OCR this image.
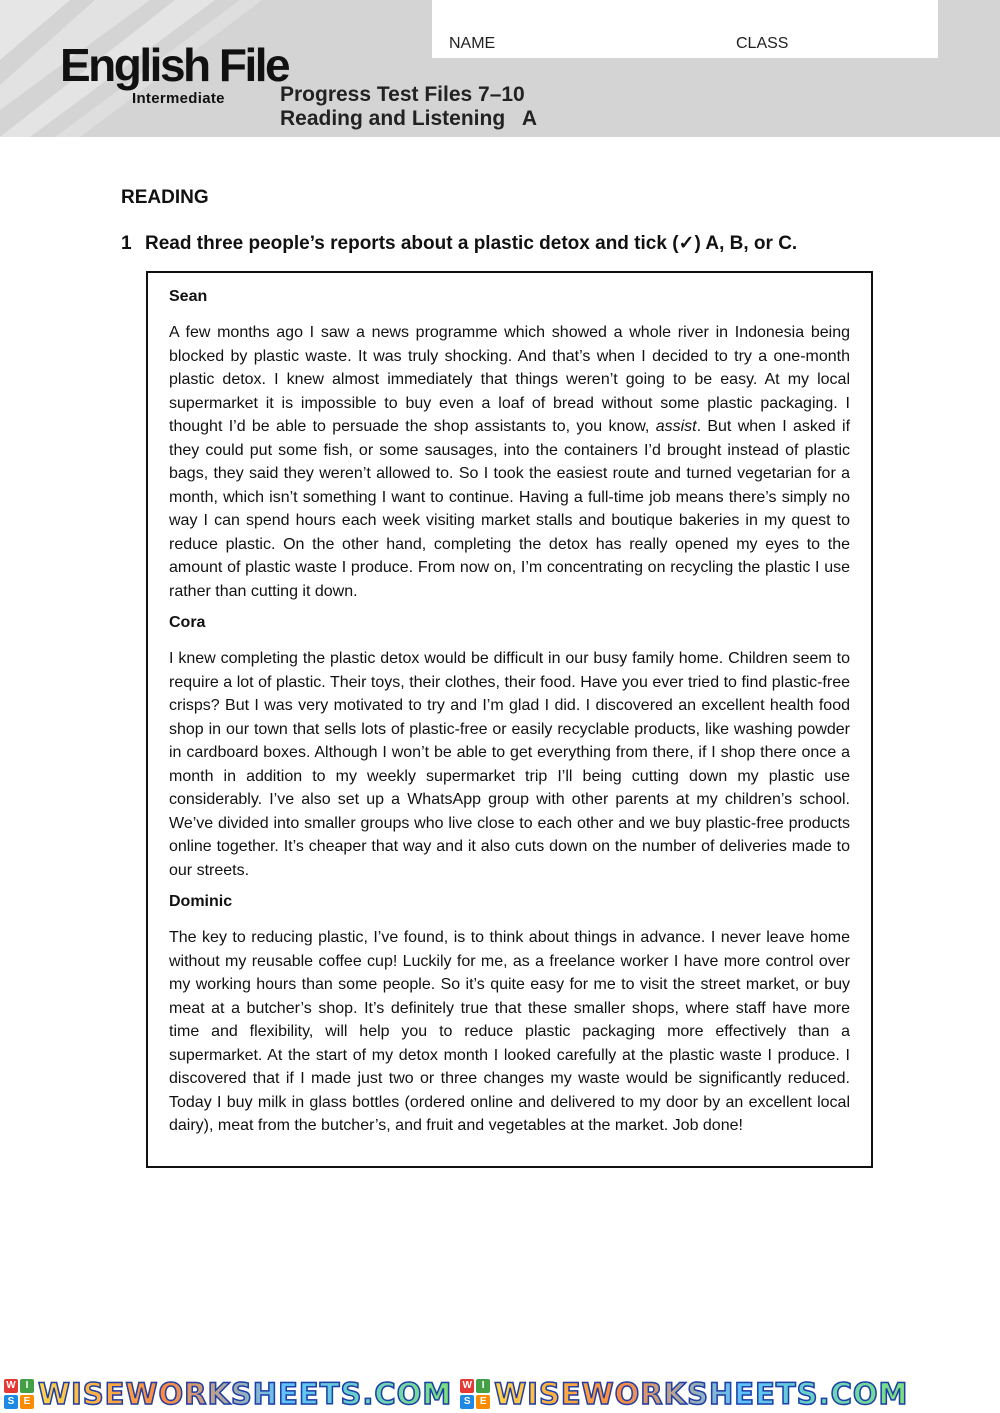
English File
Intermediate
NAME	CLASS
Progress Test Files 7–10
Reading and Listening   A
READING
1 Read three people’s reports about a plastic detox and tick (✓) A, B, or C.
Sean

A few months ago I saw a news programme which showed a whole river in Indonesia being blocked by plastic waste. It was truly shocking. And that’s when I decided to try a one-month plastic detox. I knew almost immediately that things weren’t going to be easy. At my local supermarket it is impossible to buy even a loaf of bread without some plastic packaging. I thought I’d be able to persuade the shop assistants to, you know, assist. But when I asked if they could put some fish, or some sausages, into the containers I’d brought instead of plastic bags, they said they weren’t allowed to. So I took the easiest route and turned vegetarian for a month, which isn’t something I want to continue. Having a full-time job means there’s simply no way I can spend hours each week visiting market stalls and boutique bakeries in my quest to reduce plastic. On the other hand, completing the detox has really opened my eyes to the amount of plastic waste I produce. From now on, I’m concentrating on recycling the plastic I use rather than cutting it down.

Cora

I knew completing the plastic detox would be difficult in our busy family home. Children seem to require a lot of plastic. Their toys, their clothes, their food. Have you ever tried to find plastic-free crisps? But I was very motivated to try and I’m glad I did. I discovered an excellent health food shop in our town that sells lots of plastic-free or easily recyclable products, like washing powder in cardboard boxes. Although I won’t be able to get everything from there, if I shop there once a month in addition to my weekly supermarket trip I’ll being cutting down my plastic use considerably. I’ve also set up a WhatsApp group with other parents at my children’s school. We’ve divided into smaller groups who live close to each other and we buy plastic-free products online together. It’s cheaper that way and it also cuts down on the number of deliveries made to our streets.

Dominic

The key to reducing plastic, I’ve found, is to think about things in advance. I never leave home without my reusable coffee cup! Luckily for me, as a freelance worker I have more control over my working hours than some people. So it’s quite easy for me to visit the street market, or buy meat at a butcher’s shop. It’s definitely true that these smaller shops, where staff have more time and flexibility, will help you to reduce plastic packaging more effectively than a supermarket. At the start of my detox month I looked carefully at the plastic waste I produce. I discovered that if I made just two or three changes my waste would be significantly reduced. Today I buy milk in glass bottles (ordered online and delivered to my door by an excellent local dairy), meat from the butcher’s, and fruit and vegetables at the market. Job done!

W I
S E WISEWORKSHEETS.COM W I
S E WISEWORKSHEETS.COM
